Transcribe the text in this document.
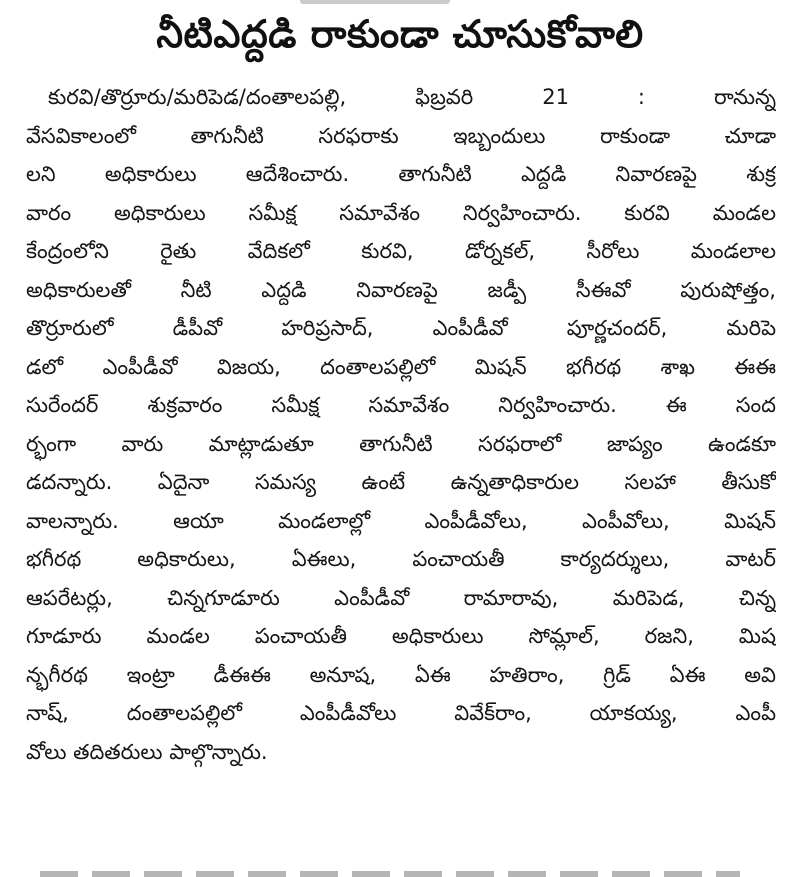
నీటిఎద్దడి రాకుండా చూసుకోవాలి
కురవి/తొర్రూరు/మరిపెడ/దంతాలపల్లి, ఫిబ్రవరి 21 : రానున్న
వేసవికాలంలో తాగునీటి సరఫరాకు ఇబ్బందులు రాకుండా చూడా
లని అధికారులు ఆదేశించారు. తాగునీటి ఎద్దడి నివారణపై శుక్ర
వారం అధికారులు సమీక్ష సమావేశం నిర్వహించారు. కురవి మండల
కేంద్రంలోని రైతు వేదికలో కురవి, డోర్నకల్, సీరోలు మండలాల
అధికారులతో నీటి ఎద్దడి నివారణపై జడ్పీ సీఈవో పురుషోత్తం,
తొర్రూరులో డీపీవో హరిప్రసాద్, ఎంపీడీవో పూర్ణచందర్, మరిపె
డలో ఎంపీడీవో విజయ, దంతాలపల్లిలో మిషన్ భగీరథ శాఖ ఈఈ
సురేందర్ శుక్రవారం సమీక్ష సమావేశం నిర్వహించారు. ఈ సంద
ర్భంగా వారు మాట్లాడుతూ తాగునీటి సరఫరాలో జాప్యం ఉండకూ
డదన్నారు. ఏదైనా సమస్య ఉంటే ఉన్నతాధికారుల సలహా తీసుకో
వాలన్నారు. ఆయా మండలాల్లో ఎంపీడీవోలు, ఎంపీవోలు, మిషన్
భగీరథ అధికారులు, ఏఈలు, పంచాయతీ కార్యదర్శులు, వాటర్
ఆపరేటర్లు, చిన్నగూడూరు ఎంపీడీవో రామారావు, మరిపెడ, చిన్న
గూడూరు మండల పంచాయతీ అధికారులు సోమ్లాల్, రజని, మిష
న్భగీరథ ఇంట్రా డీఈఈ అనూష, ఏఈ హతిరాం, గ్రిడ్ ఏఈ అవి
నాష్, దంతాలపల్లిలో ఎంపీడీవోలు వివేక్‌రాం, యాకయ్య, ఎంపీ
వోలు తదితరులు పాల్గొన్నారు.
